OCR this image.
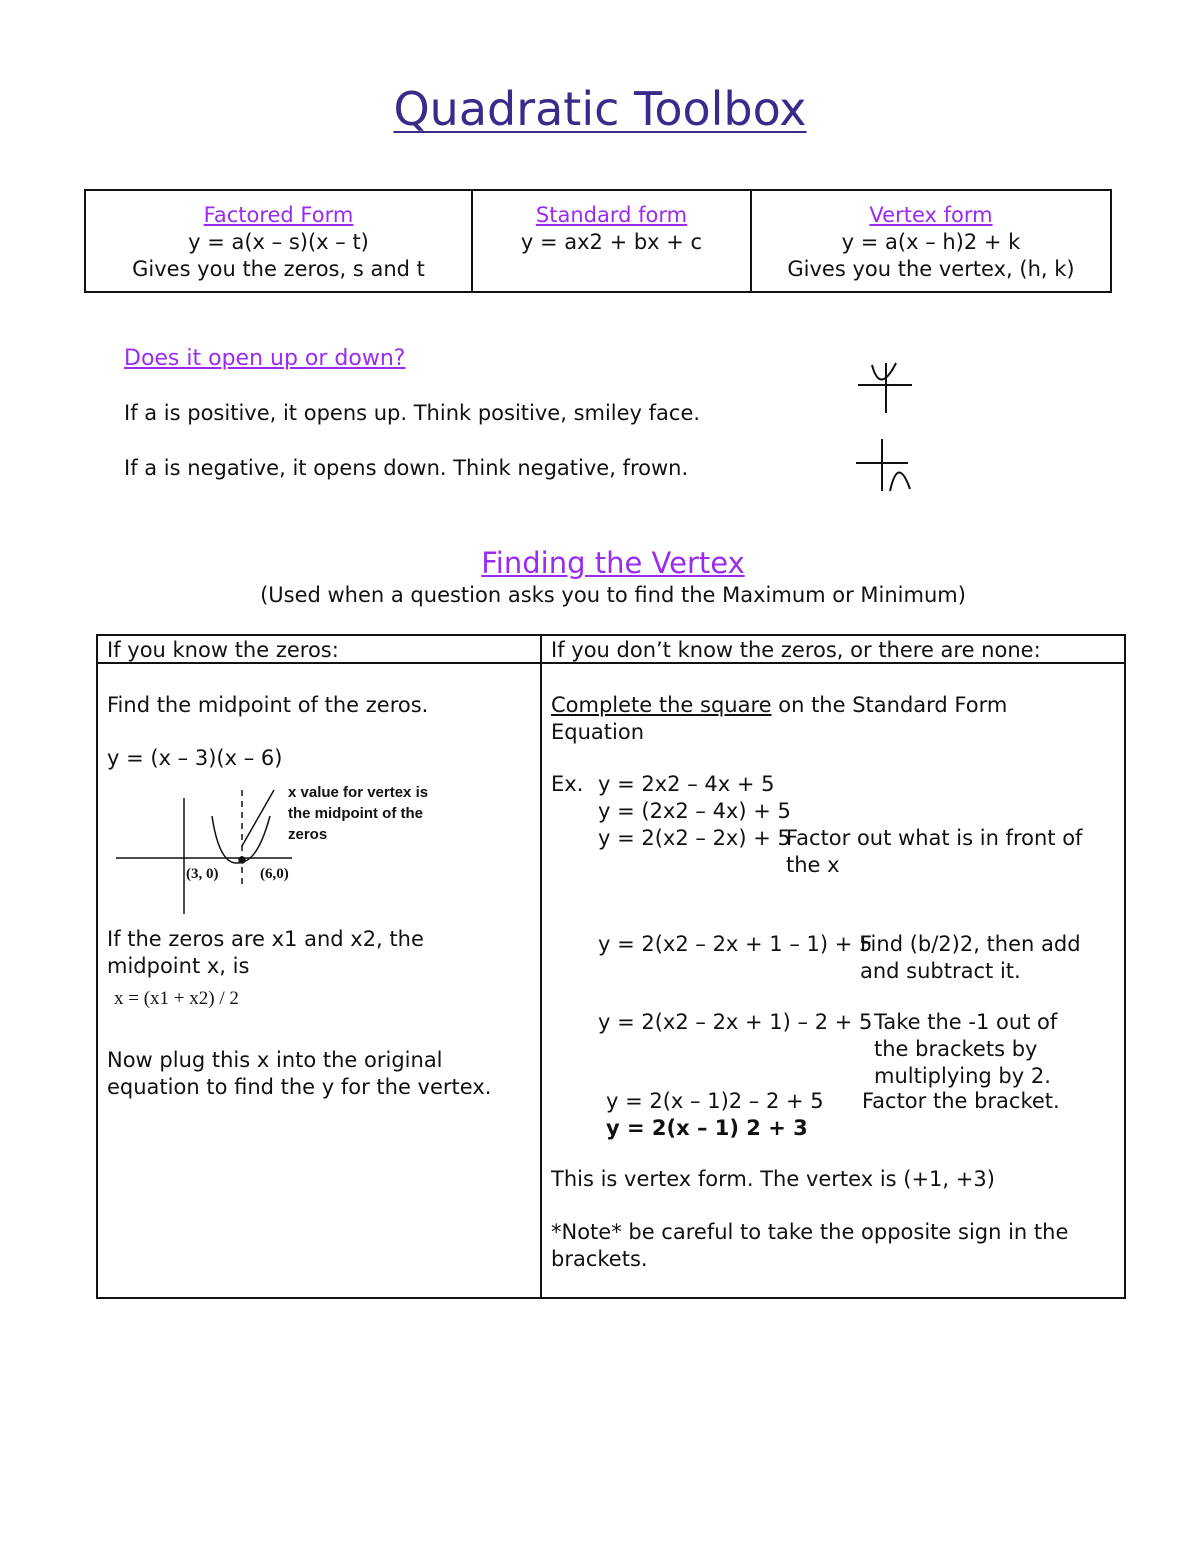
Quadratic Toolbox
Factored Form
y = a(x – s)(x – t)
Gives you the zeros, s and t
Standard form
y = ax2 + bx + c
Vertex form
y = a(x – h)2 + k
Gives you the vertex, (h, k)
Does it open up or down?
If a is positive, it opens up. Think positive, smiley face.
If a is negative, it opens down. Think negative, frown.
Finding the Vertex
(Used when a question asks you to find the Maximum or Minimum)
If you know the zeros:	If you don’t know the zeros, or there are none:
Find the midpoint of the zeros.
y = (x – 3)(x – 6)
x value for vertex is
the midpoint of the
zeros
(3, 0)	(6,0)
If the zeros are x1 and x2, the midpoint x, is
x = (x1 + x2) / 2
Now plug this x into the original equation to find the y for the vertex.
Complete the square on the Standard Form Equation
Ex. y = 2x2 – 4x + 5
y = (2x2 – 4x) + 5
y = 2(x2 – 2x) + 5
Factor out what is in front of the x
y = 2(x2 – 2x + 1 – 1) + 5
Find (b/2)2, then add and subtract it.
y = 2(x2 – 2x + 1) – 2 + 5 Take the -1 out of the brackets by multiplying by 2.
y = 2(x – 1)2 – 2 + 5 Factor the bracket.
y = 2(x – 1) 2 + 3
This is vertex form. The vertex is (+1, +3)
*Note* be careful to take the opposite sign in the brackets.
